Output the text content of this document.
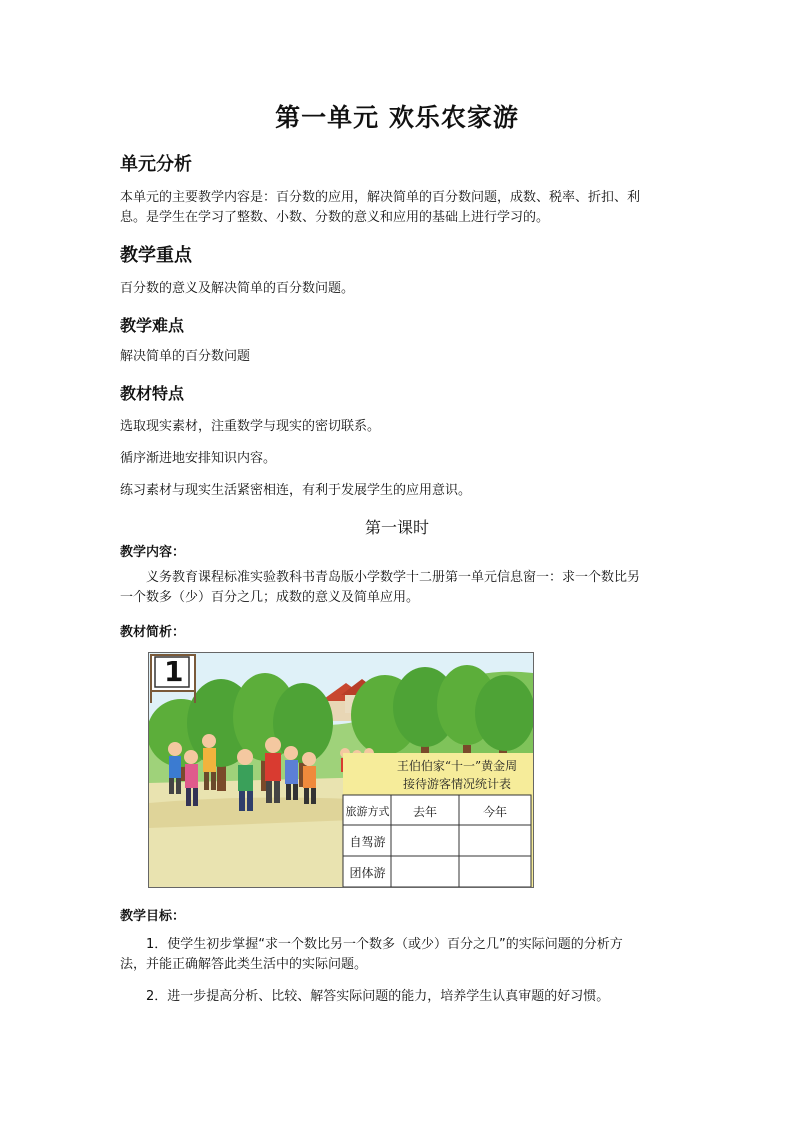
第一单元 欢乐农家游
单元分析
本单元的主要教学内容是：百分数的应用，解决简单的百分数问题，成数、税率、折扣、利
息。是学生在学习了整数、小数、分数的意义和应用的基础上进行学习的。
教学重点
百分数的意义及解决简单的百分数问题。
教学难点
解决简单的百分数问题
教材特点
选取现实素材，注重数学与现实的密切联系。
循序渐进地安排知识内容。
练习素材与现实生活紧密相连，有利于发展学生的应用意识。
第一课时
教学内容：
义务教育课程标准实验教科书青岛版小学数学十二册第一单元信息窗一：求一个数比另
一个数多（少）百分之几；成数的意义及简单应用。
教材简析：
1
王伯伯家“十一”黄金周
接待游客情况统计表
旅游方式	去年	今年
自驾游
团体游
教学目标：
1．使学生初步掌握“求一个数比另一个数多（或少）百分之几”的实际问题的分析方
法，并能正确解答此类生活中的实际问题。
2．进一步提高分析、比较、解答实际问题的能力，培养学生认真审题的好习惯。
